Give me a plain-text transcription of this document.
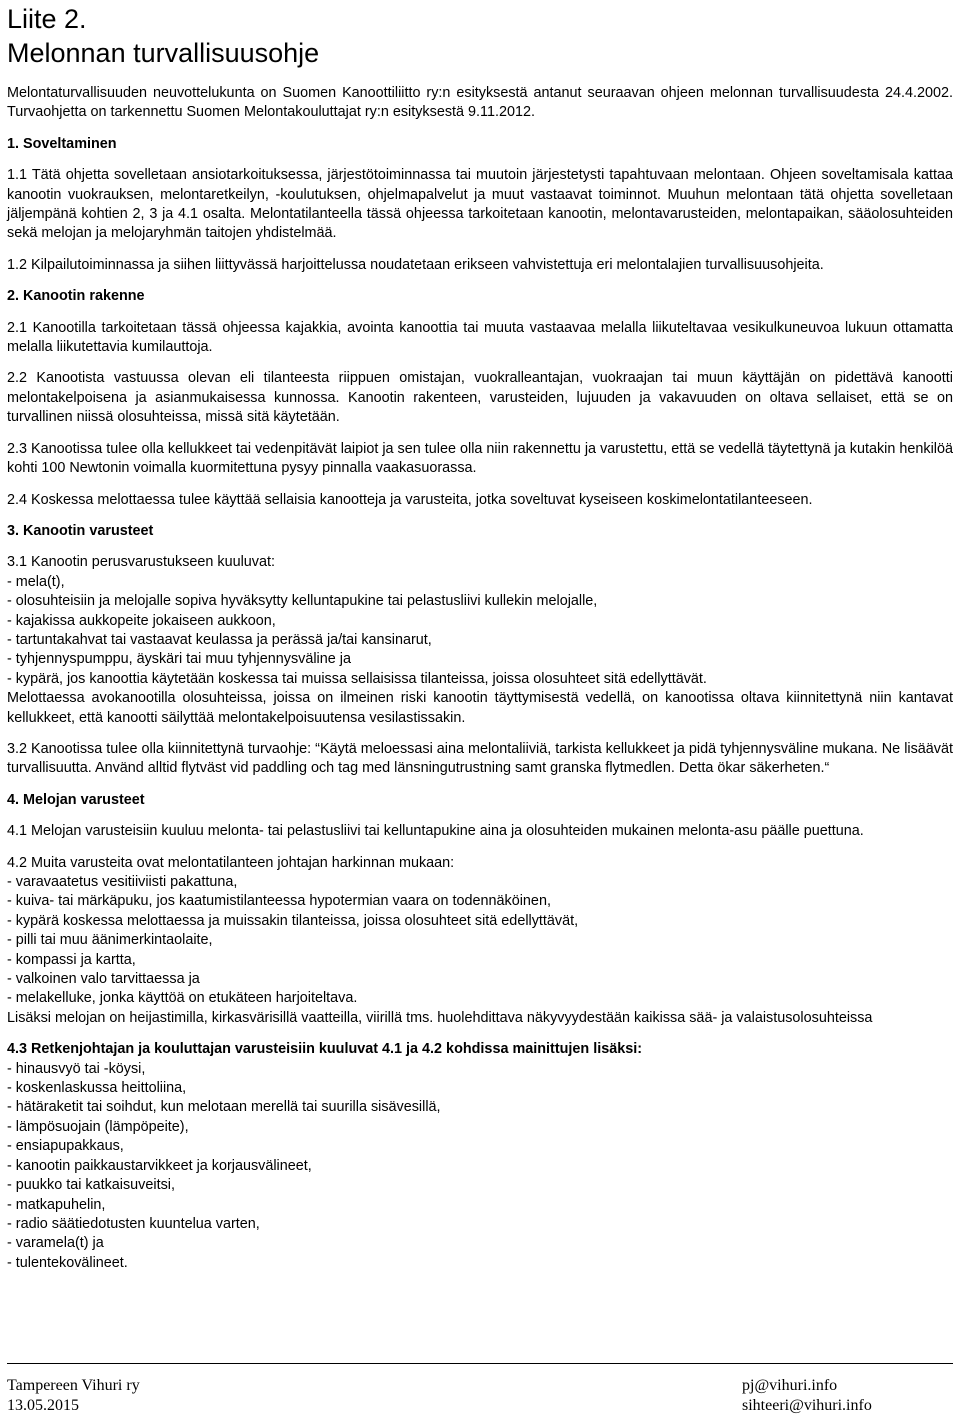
Liite 2.
Melonnan turvallisuusohje

Melontaturvallisuuden neuvottelukunta on Suomen Kanoottiliitto ry:n esityksestä antanut seuraavan ohjeen melonnan turvallisuudesta 24.4.2002. Turvaohjetta on tarkennettu Suomen Melontakouluttajat ry:n esityksestä 9.11.2012.

1. Soveltaminen

1.1 Tätä ohjetta sovelletaan ansiotarkoituksessa, järjestötoiminnassa tai muutoin järjestetysti tapahtuvaan melontaan. Ohjeen soveltamisala kattaa kanootin vuokrauksen, melontaretkeilyn, -koulutuksen, ohjelmapalvelut ja muut vastaavat toiminnot. Muuhun melontaan tätä ohjetta sovelletaan jäljempänä kohtien 2, 3 ja 4.1 osalta. Melontatilanteella tässä ohjeessa tarkoitetaan kanootin, melontavarusteiden, melontapaikan, sääolosuhteiden sekä melojan ja melojaryhmän taitojen yhdistelmää.

1.2 Kilpailutoiminnassa ja siihen liittyvässä harjoittelussa noudatetaan erikseen vahvistettuja eri melontalajien turvallisuusohjeita.

2. Kanootin rakenne

2.1 Kanootilla tarkoitetaan tässä ohjeessa kajakkia, avointa kanoottia tai muuta vastaavaa melalla liikuteltavaa vesikulkuneuvoa lukuun ottamatta melalla liikutettavia kumilauttoja.

2.2 Kanootista vastuussa olevan eli tilanteesta riippuen omistajan, vuokralleantajan, vuokraajan tai muun käyttäjän on pidettävä kanootti melontakelpoisena ja asianmukaisessa kunnossa. Kanootin rakenteen, varusteiden, lujuuden ja vakavuuden on oltava sellaiset, että se on turvallinen niissä olosuhteissa, missä sitä käytetään.

2.3 Kanootissa tulee olla kellukkeet tai vedenpitävät laipiot ja sen tulee olla niin rakennettu ja varustettu, että se vedellä täytettynä ja kutakin henkilöä kohti 100 Newtonin voimalla kuormitettuna pysyy pinnalla vaakasuorassa.

2.4 Koskessa melottaessa tulee käyttää sellaisia kanootteja ja varusteita, jotka soveltuvat kyseiseen koskimelontatilanteeseen.

3. Kanootin varusteet

3.1 Kanootin perusvarustukseen kuuluvat:

- mela(t),
- olosuhteisiin ja melojalle sopiva hyväksytty kelluntapukine tai pelastusliivi kullekin melojalle,
- kajakissa aukkopeite jokaiseen aukkoon,
- tartuntakahvat tai vastaavat keulassa ja perässä ja/tai kansinarut,
- tyhjennyspumppu, äyskäri tai muu tyhjennysväline ja
- kypärä, jos kanoottia käytetään koskessa tai muissa sellaisissa tilanteissa, joissa olosuhteet sitä edellyttävät.

Melottaessa avokanootilla olosuhteissa, joissa on ilmeinen riski kanootin täyttymisestä vedellä, on kanootissa oltava kiinnitettynä niin kantavat kellukkeet, että kanootti säilyttää melontakelpoisuutensa vesilastissakin.

3.2 Kanootissa tulee olla kiinnitettynä turvaohje: “Käytä meloessasi aina melontaliiviä, tarkista kellukkeet ja pidä tyhjennysväline mukana. Ne lisäävät turvallisuutta. Använd alltid flytväst vid paddling och tag med länsningutrustning samt granska flytmedlen. Detta ökar säkerheten.“

4. Melojan varusteet

4.1 Melojan varusteisiin kuuluu melonta- tai pelastusliivi tai kelluntapukine aina ja olosuhteiden mukainen melonta-asu päälle puettuna.

4.2 Muita varusteita ovat melontatilanteen johtajan harkinnan mukaan:

- varavaatetus vesitiiviisti pakattuna,
- kuiva- tai märkäpuku, jos kaatumistilanteessa hypotermian vaara on todennäköinen,
- kypärä koskessa melottaessa ja muissakin tilanteissa, joissa olosuhteet sitä edellyttävät,
- pilli tai muu äänimerkintaolaite,
- kompassi ja kartta,
- valkoinen valo tarvittaessa ja
- melakelluke, jonka käyttöä on etukäteen harjoiteltava.

Lisäksi melojan on heijastimilla, kirkasvärisillä vaatteilla, viirillä tms. huolehdittava näkyvyydestään kaikissa sää- ja valaistusolosuhteissa

4.3 Retkenjohtajan ja kouluttajan varusteisiin kuuluvat 4.1 ja 4.2 kohdissa mainittujen lisäksi:

- hinausvyö tai -köysi,
- koskenlaskussa heittoliina,
- hätäraketit tai soihdut, kun melotaan merellä tai suurilla sisävesillä,
- lämpösuojain (lämpöpeite),
- ensiapupakkaus,
- kanootin paikkaustarvikkeet ja korjausvälineet,
- puukko tai katkaisuveitsi,
- matkapuhelin,
- radio säätiedotusten kuuntelua varten,
- varamela(t) ja
- tulentekovälineet.
Tampereen Vihuri ry
13.05.2015
pj@vihuri.info
sihteeri@vihuri.info
